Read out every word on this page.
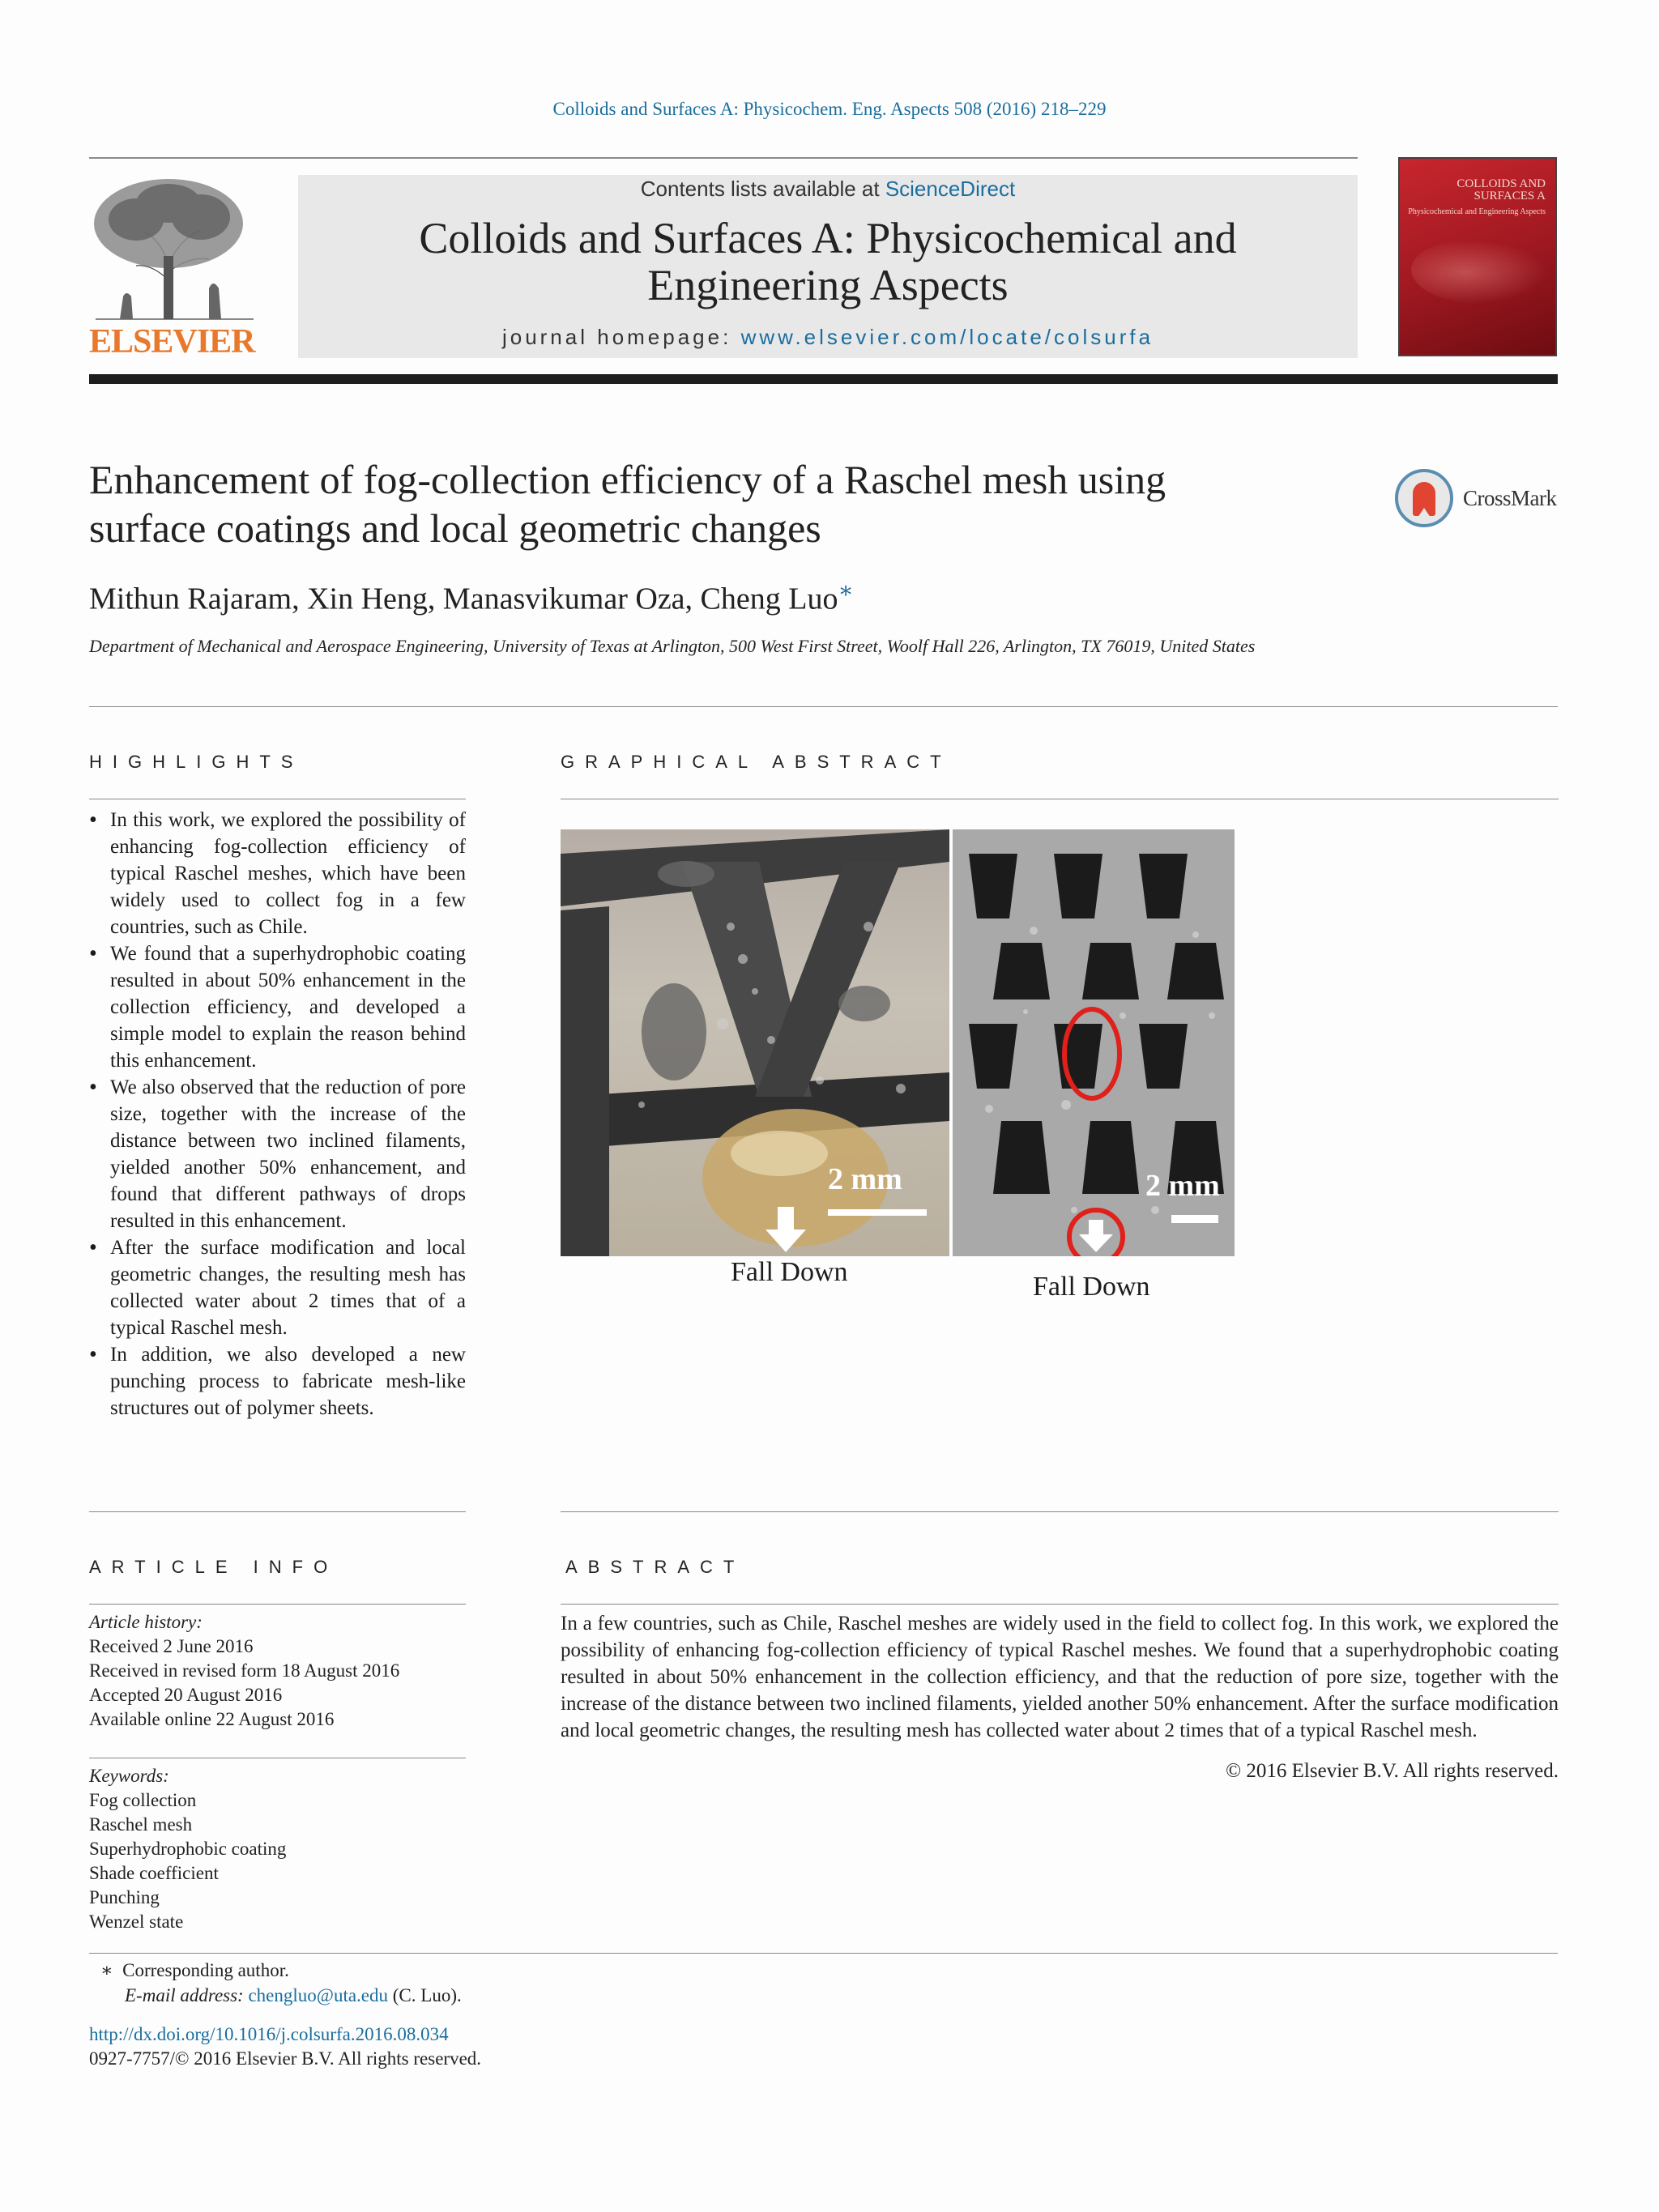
Colloids and Surfaces A: Physicochem. Eng. Aspects 508 (2016) 218–229
ELSEVIER
Contents lists available at ScienceDirect
Colloids and Surfaces A: Physicochemical and
Engineering Aspects
journal homepage: www.elsevier.com/locate/colsurfa
COLLOIDS AND SURFACES A
Physicochemical and Engineering Aspects
Enhancement of fog-collection efficiency of a Raschel mesh using
surface coatings and local geometric changes
CrossMark
Mithun Rajaram, Xin Heng, Manasvikumar Oza, Cheng Luo∗
Department of Mechanical and Aerospace Engineering, University of Texas at Arlington, 500 West First Street, Woolf Hall 226, Arlington, TX 76019, United States
HIGHLIGHTS
• In this work, we explored the possibility of enhancing fog-collection efficiency of typical Raschel meshes, which have been widely used to collect fog in a few countries, such as Chile.
• We found that a superhydrophobic coating resulted in about 50% enhancement in the collection efficiency, and developed a simple model to explain the reason behind this enhancement.
• We also observed that the reduction of pore size, together with the increase of the distance between two inclined filaments, yielded another 50% enhancement, and found that different pathways of drops resulted in this enhancement.
• After the surface modification and local geometric changes, the resulting mesh has collected water about 2 times that of a typical Raschel mesh.
• In addition, we also developed a new punching process to fabricate mesh-like structures out of polymer sheets.
GRAPHICAL ABSTRACT
2 mm	2 mm
Fall Down	Fall Down
ARTICLE INFO
Article history:
Received 2 June 2016
Received in revised form 18 August 2016
Accepted 20 August 2016
Available online 22 August 2016
Keywords:
Fog collection
Raschel mesh
Superhydrophobic coating
Shade coefficient
Punching
Wenzel state
ABSTRACT
In a few countries, such as Chile, Raschel meshes are widely used in the field to collect fog. In this work, we explored the possibility of enhancing fog-collection efficiency of typical Raschel meshes. We found that a superhydrophobic coating resulted in about 50% enhancement in the collection efficiency, and that the reduction of pore size, together with the increase of the distance between two inclined filaments, yielded another 50% enhancement. After the surface modification and local geometric changes, the resulting mesh has collected water about 2 times that of a typical Raschel mesh.
© 2016 Elsevier B.V. All rights reserved.
∗ Corresponding author.
E-mail address: chengluo@uta.edu (C. Luo).
http://dx.doi.org/10.1016/j.colsurfa.2016.08.034
0927-7757/© 2016 Elsevier B.V. All rights reserved.
